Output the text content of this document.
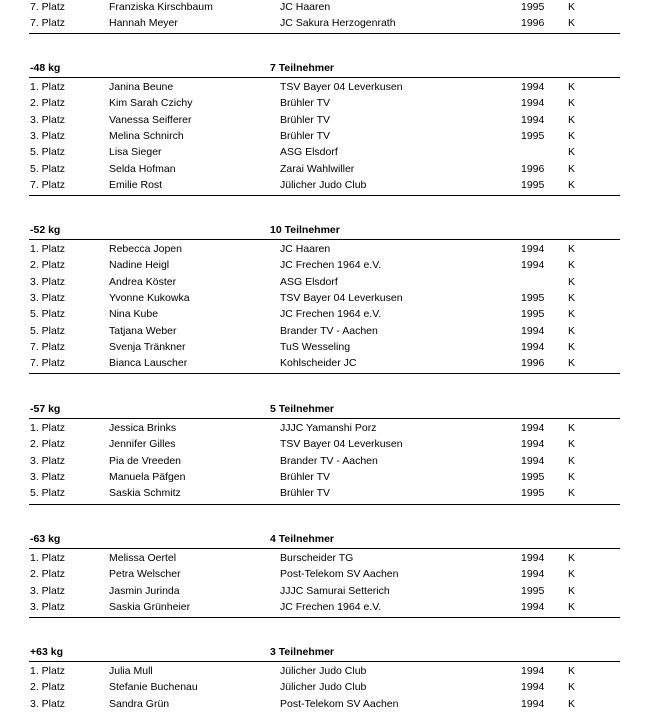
7. Platz	Franziska Kirschbaum	JC Haaren	1995 K
7. Platz	Hannah Meyer	JC Sakura Herzogenrath	1996 K
-48 kg	7 Teilnehmer
1. Platz	Janina Beune	TSV Bayer 04 Leverkusen	1994 K
2. Platz	Kim Sarah Czichy	Brühler TV	1994 K
3. Platz	Vanessa Seifferer	Brühler TV	1994 K
3. Platz	Melina Schnirch	Brühler TV	1995 K
5. Platz	Lisa Sieger	ASG Elsdorf	K
5. Platz	Selda Hofman	Zarai Wahlwiller	1996 K
7. Platz	Emilie Rost	Jülicher Judo Club	1995 K
-52 kg	10 Teilnehmer
1. Platz	Rebecca Jopen	JC Haaren	1994 K
2. Platz	Nadine Heigl	JC Frechen 1964 e.V.	1994 K
3. Platz	Andrea Köster	ASG Elsdorf	K
3. Platz	Yvonne Kukowka	TSV Bayer 04 Leverkusen	1995 K
5. Platz	Nina Kube	JC Frechen 1964 e.V.	1995 K
5. Platz	Tatjana Weber	Brander TV - Aachen	1994 K
7. Platz	Svenja Tränkner	TuS Wesseling	1994 K
7. Platz	Bianca Lauscher	Kohlscheider JC	1996 K
-57 kg	5 Teilnehmer
1. Platz	Jessica Brinks	JJJC Yamanshi Porz	1994 K
2. Platz	Jennifer Gilles	TSV Bayer 04 Leverkusen	1994 K
3. Platz	Pia de Vreeden	Brander TV - Aachen	1994 K
3. Platz	Manuela Päfgen	Brühler TV	1995 K
5. Platz	Saskia Schmitz	Brühler TV	1995 K
-63 kg	4 Teilnehmer
1. Platz	Melissa Oertel	Burscheider TG	1994 K
2. Platz	Petra Welscher	Post-Telekom SV Aachen	1994 K
3. Platz	Jasmin Jurinda	JJJC Samurai Setterich	1995 K
3. Platz	Saskia Grünheier	JC Frechen 1964 e.V.	1994 K
+63 kg	3 Teilnehmer
1. Platz	Julia Mull	Jülicher Judo Club	1994 K
2. Platz	Stefanie Buchenau	Jülicher Judo Club	1994 K
3. Platz	Sandra Grün	Post-Telekom SV Aachen	1994 K
